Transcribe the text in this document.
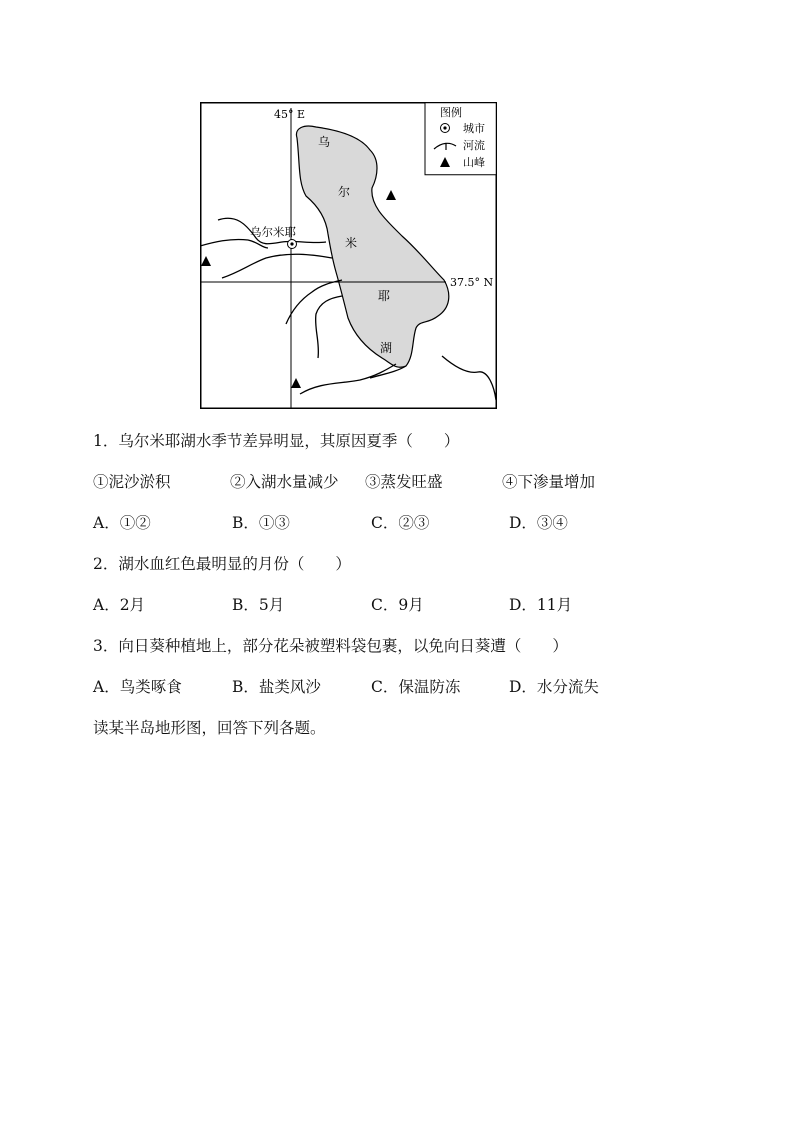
45° E
37.5° N
乌
尔
米
耶
湖
乌尔米耶
图例
城市
河流
山峰
1．乌尔米耶湖水季节差异明显，其原因夏季（　　）
①泥沙淤积	②入湖水量减少 ③蒸发旺盛	④下渗量增加
A．①②	B．①③	C．②③	D．③④
2．湖水血红色最明显的月份（　　）
A．2月	B．5月	C．9月	D．11月
3．向日葵种植地上，部分花朵被塑料袋包裹，以免向日葵遭（　　）
A．鸟类啄食	B．盐类风沙	C．保温防冻	D．水分流失
读某半岛地形图，回答下列各题。
